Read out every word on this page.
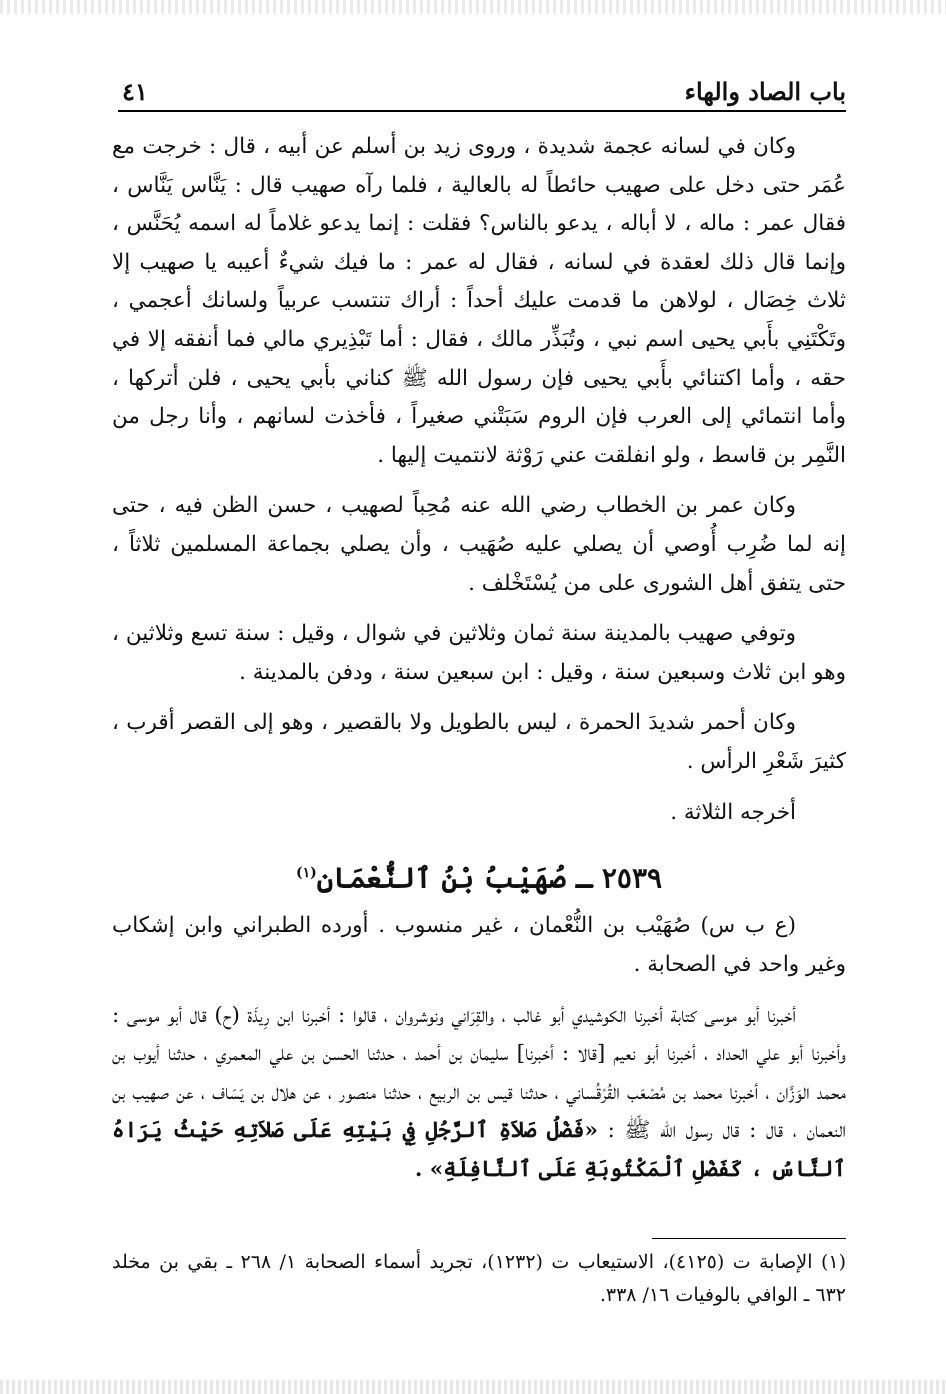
باب الصاد والهاء
٤١

وكان في لسانه عجمة شديدة ، وروى زيد بن أسلم عن أبيه ، قال : خرجت مع عُمَر حتى دخل على صهيب حائطاً له بالعالية ، فلما رآه صهيب قال : يَنَّاس يَنَّاس ، فقال عمر : ماله ، لا أباله ، يدعو بالناس؟ فقلت : إنما يدعو غلاماً له اسمه يُحَنَّس ، وإنما قال ذلك لعقدة في لسانه ، فقال له عمر : ما فيك شيءٌ أعيبه يا صهيب إلا ثلاث خِصَال ، لولاهن ما قدمت عليك أحداً : أراك تنتسب عربياً ولسانك أعجمي ، وتَكْتَنِي بأَبي يحيى اسم نبي ، وتُبَذِّر مالك ، فقال : أما تَبْذِيري مالي فما أنفقه إلا في حقه ، وأما اكتنائي بأَبي يحيى فإن رسول الله ﷺ كناني بأبي يحيى ، فلن أتركها ، وأما انتمائي إلى العرب فإن الروم سَبَتْني صغيراً ، فأخذت لسانهم ، وأنا رجل من النَّمِر بن قاسط ، ولو انفلقت عني رَوْثة لانتميت إليها .

وكان عمر بن الخطاب رضي الله عنه مُحِباً لصهيب ، حسن الظن فيه ، حتى إنه لما ضُرِب أُوصي أن يصلي عليه صُهَيب ، وأن يصلي بجماعة المسلمين ثلاثاً ، حتى يتفق أهل الشورى على من يُسْتَخْلف .

وتوفي صهيب بالمدينة سنة ثمان وثلاثين في شوال ، وقيل : سنة تسع وثلاثين ، وهو ابن ثلاث وسبعين سنة ، وقيل : ابن سبعين سنة ، ودفن بالمدينة .

وكان أحمر شديدَ الحمرة ، ليس بالطويل ولا بالقصير ، وهو إلى القصر أقرب ، كثيرَ شَعْرِ الرأس .

أخرجه الثلاثة .

٢٥٣٩ ـ صُهَيْبُ بْنُ ٱلنُّعْمَانِ$^{(١)}$

(ع ب س) صُهَيْب بن النُّعْمان ، غير منسوب . أورده الطبراني وابن إشكاب وغير واحد في الصحابة .

أخبرنا أبو موسى كتابة أخبرنا الكوشيدي أبو غالب ، والقِرَاني ونوشروان ، قالوا : أخبرنا ابن رِيذَة (ح) قال أبو موسى : وأخبرنا أبو علي الحداد ، أخبرنا أبو نعيم [قالا : أخبرنا] سليمان بن أحمد ، حدثنا الحسن بن علي المعمري ، حدثنا أيوب بن محمد الوَزَّان ، أخبرنا محمد بن مُصْعَب القُرْقُساني ، حدثنا قيس بن الربيع ، حدثنا منصور ، عن هلال بن يَسَاف ، عن صهيب بن النعمان ، قال : قال رسول الله ﷺ : «فَضْلُ صَلاَةِ ٱلرَّجُلِ فِي بَيْتِهِ عَلَى صَلاَتِهِ حَيْثُ يَرَاهُ ٱلنَّاسُ ، كَفَضْلِ ٱلْمَكْتُوبَةِ عَلَى ٱلنَّافِلَةِ» .

(١) الإصابة ت (٤١٢٥)، الاستيعاب ت (١٢٣٢)، تجريد أسماء الصحابة ١/ ٢٦٨ ـ بقي بن مخلد ٦٣٢ ـ الوافي بالوفيات ١٦/ ٣٣٨.
